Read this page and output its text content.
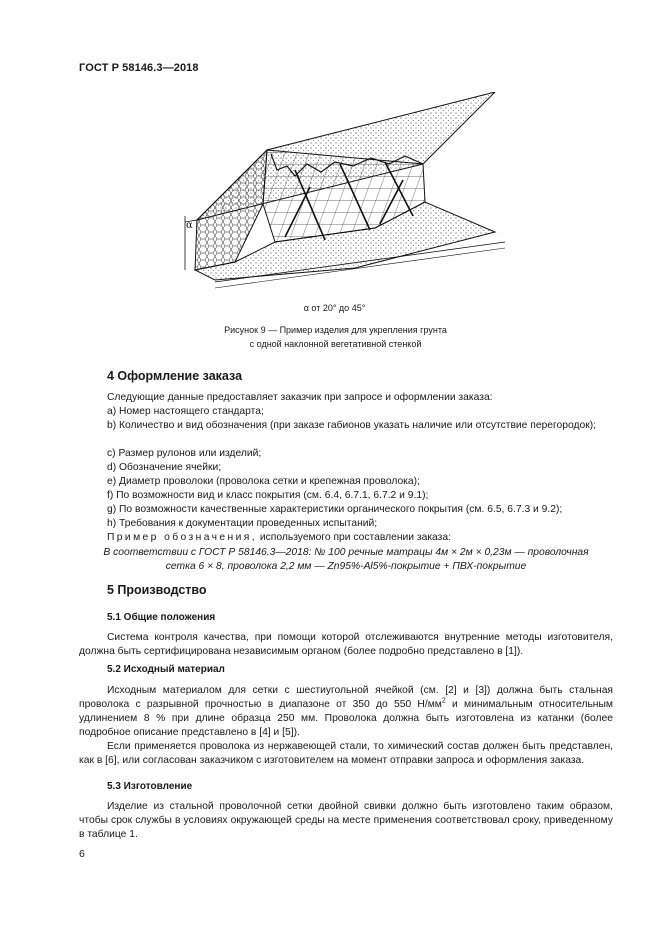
ГОСТ Р 58146.3—2018
α
α от 20° до 45°
Рисунок 9 — Пример изделия для укрепления грунта
с одной наклонной вегетативной стенкой
4 Оформление заказа
Следующие данные предоставляет заказчик при запросе и оформлении заказа:
a) Номер настоящего стандарта;
b) Количество и вид обозначения (при заказе габионов указать наличие или отсутствие перегородок);
c) Размер рулонов или изделий;
d) Обозначение ячейки;
e) Диаметр проволоки (проволока сетки и крепежная проволока);
f) По возможности вид и класс покрытия (см. 6.4, 6.7.1, 6.7.2 и 9.1);
g) По возможности качественные характеристики органического покрытия (см. 6.5, 6.7.3 и 9.2);
h) Требования к документации проведенных испытаний;
Пример обозначения, используемого при составлении заказа:
В соответствии с ГОСТ Р 58146.3—2018: № 100 речные матрацы 4м × 2м × 0,23м — проволочная
сетка 6 × 8, проволока 2,2 мм — Zn95%-Al5%-покрытие + ПВХ-покрытие
5 Производство
5.1 Общие положения
Система контроля качества, при помощи которой отслеживаются внутренние методы изготовителя, должна быть сертифицирована независимым органом (более подробно представлено в [1]).
5.2 Исходный материал
Исходным материалом для сетки с шестиугольной ячейкой (см. [2] и [3]) должна быть стальная проволока с разрывной прочностью в диапазоне от 350 до 550 $Н/мм^2$ и минимальным относительным удлинением 8 % при длине образца 250 мм. Проволока должна быть изготовлена из катанки (более подробное описание представлено в [4] и [5]).
Если применяется проволока из нержавеющей стали, то химический состав должен быть представлен, как в [6], или согласован заказчиком с изготовителем на момент отправки запроса и оформления заказа.
5.3 Изготовление
Изделие из стальной проволочной сетки двойной свивки должно быть изготовлено таким образом, чтобы срок службы в условиях окружающей среды на месте применения соответствовал сроку, приведенному в таблице 1.
6
